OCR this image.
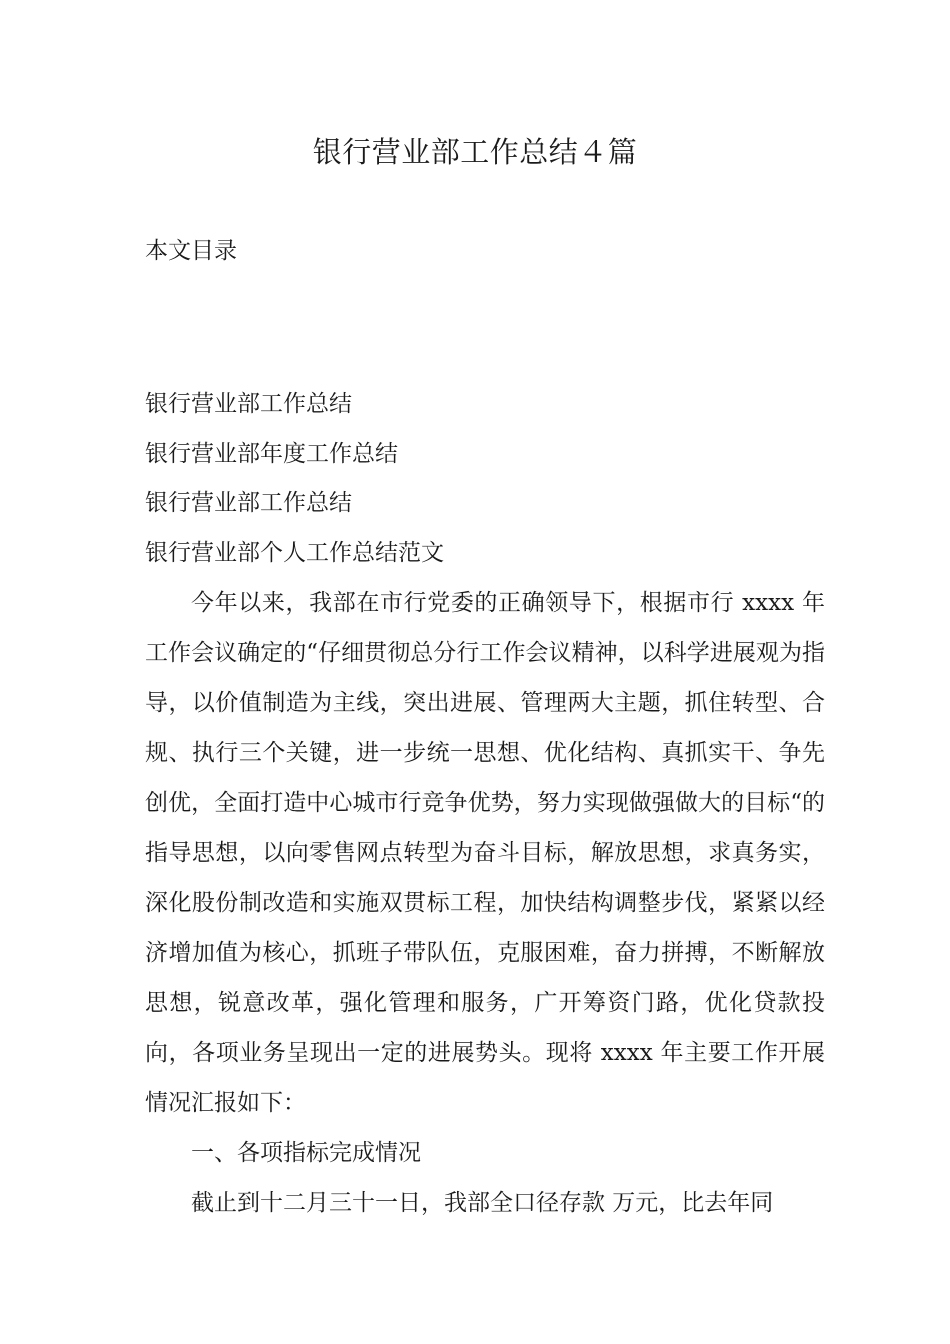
银行营业部工作总结４篇
本文目录
银行营业部工作总结
银行营业部年度工作总结
银行营业部工作总结
银行营业部个人工作总结范文

今年以来，我部在市行党委的正确领导下，根据市行 xxxx 年工作会议确定的“仔细贯彻总分行工作会议精神，以科学进展观为指导，以价值制造为主线，突出进展、管理两大主题，抓住转型、合规、执行三个关键，进一步统一思想、优化结构、真抓实干、争先创优，全面打造中心城市行竞争优势，努力实现做强做大的目标“的指导思想，以向零售网点转型为奋斗目标，解放思想，求真务实，深化股份制改造和实施双贯标工程，加快结构调整步伐，紧紧以经济增加值为核心，抓班子带队伍，克服困难，奋力拼搏，不断解放思想，锐意改革，强化管理和服务，广开筹资门路，优化贷款投向，各项业务呈现出一定的进展势头。现将 xxxx 年主要工作开展情况汇报如下：

一、各项指标完成情况

截止到十二月三十一日，我部全口径存款 万元，比去年同
